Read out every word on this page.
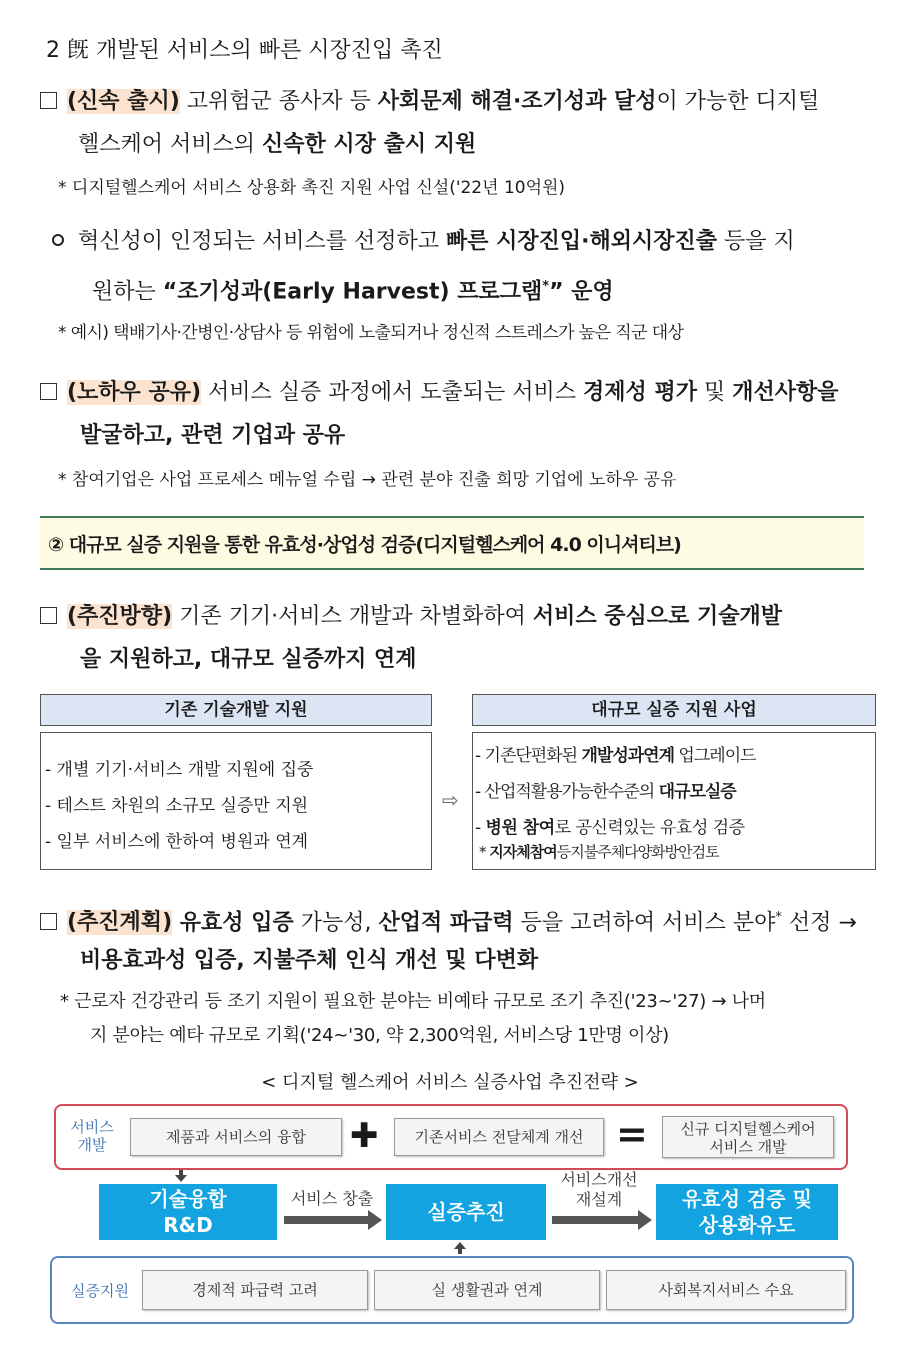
2 旣 개발된 서비스의 빠른 시장진입 촉진
(신속 출시) 고위험군 종사자 등 사회문제 해결·조기성과 달성이 가능한 디지털
헬스케어 서비스의 신속한 시장 출시 지원
* 디지털헬스케어 서비스 상용화 촉진 지원 사업 신설('22년 10억원)
혁신성이 인정되는 서비스를 선정하고 빠른 시장진입·해외시장진출 등을 지
원하는 “조기성과(Early Harvest) 프로그램*” 운영
* 예시) 택배기사·간병인·상담사 등 위험에 노출되거나 정신적 스트레스가 높은 직군 대상
(노하우 공유) 서비스 실증 과정에서 도출되는 서비스 경제성 평가 및 개선사항을
발굴하고, 관련 기업과 공유
* 참여기업은 사업 프로세스 메뉴얼 수립 → 관련 분야 진출 희망 기업에 노하우 공유
② 대규모 실증 지원을 통한 유효성·상업성 검증(디지털헬스케어 4.0 이니셔티브)
(추진방향) 기존 기기·서비스 개발과 차별화하여 서비스 중심으로 기술개발
을 지원하고, 대규모 실증까지 연계
기존 기술개발 지원
- 개별 기기·서비스 개발 지원에 집중
- 테스트 차원의 소규모 실증만 지원
- 일부 서비스에 한하여 병원과 연계
⇨
대규모 실증 지원 사업
- 기존단편화된 개발성과연계 업그레이드
- 산업적활용가능한수준의 대규모실증
- 병원 참여로 공신력있는 유효성 검증
* 지자체참여등지불주체다양화방안검토
(추진계획) 유효성 입증 가능성, 산업적 파급력 등을 고려하여 서비스 분야* 선정 →
비용효과성 입증, 지불주체 인식 개선 및 다변화
* 근로자 건강관리 등 조기 지원이 필요한 분야는 비예타 규모로 조기 추진('23~'27) → 나머
지 분야는 예타 규모로 기획('24~'30, 약 2,300억원, 서비스당 1만명 이상)
< 디지털 헬스케어 서비스 실증사업 추진전략 >
서비스
개발	제품과 서비스의 융합	✚	기존서비스 전달체계 개선 =	신규 디지털헬스케어
서비스 개발
기술융합
R&D
서비스 창출
실증추진
서비스개선
재설계	유효성 검증 및
상용화유도
실증지원	경제적 파급력 고려	실 생활권과 연계	사회복지서비스 수요
